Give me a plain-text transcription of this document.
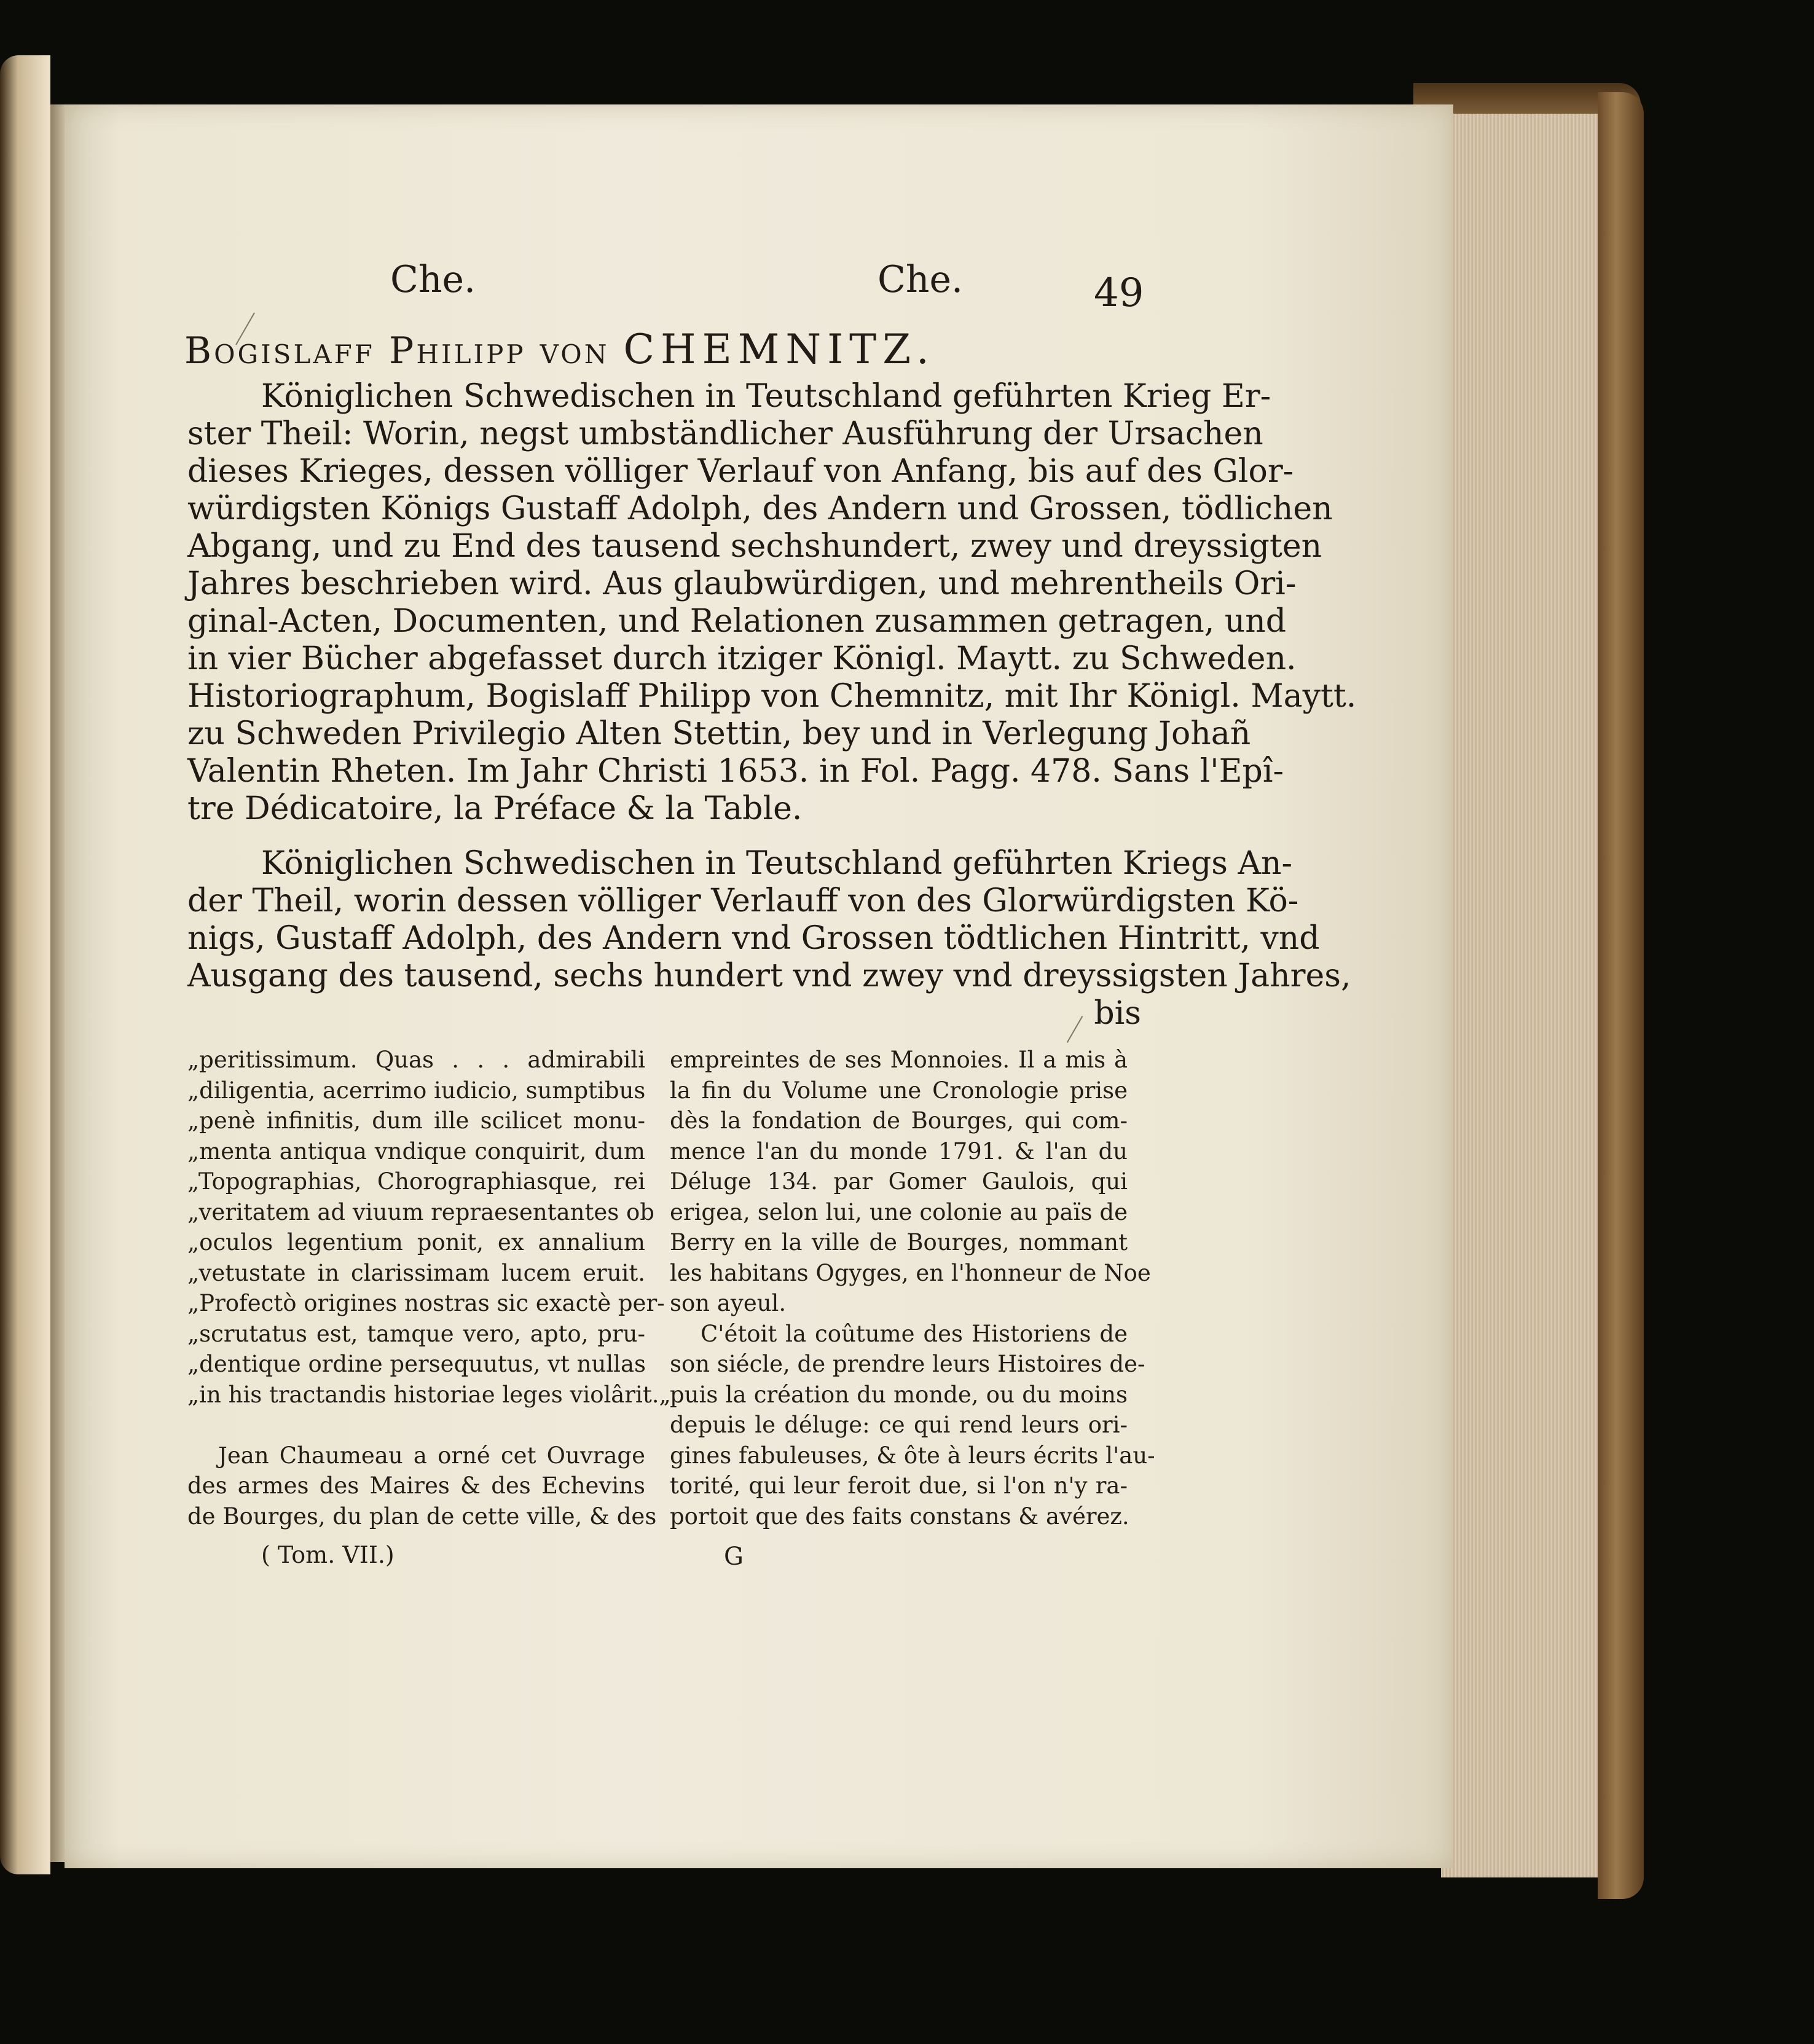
Che.	Che.	49
Bogislaff Philipp von CHEMNITZ.
Königlichen Schwedischen in Teutschland geführten Krieg Er-
ster Theil: Worin, negst umbständlicher Ausführung der Ursachen
dieses Krieges, dessen völliger Verlauf von Anfang, bis auf des Glor-
würdigsten Königs Gustaff Adolph, des Andern und Grossen, tödlichen
Abgang, und zu End des tausend sechshundert, zwey und dreyssigten
Jahres beschrieben wird. Aus glaubwürdigen, und mehrentheils Ori-
ginal-Acten, Documenten, und Relationen zusammen getragen, und
in vier Bücher abgefasset durch itziger Königl. Maytt. zu Schweden.
Historiographum, Bogislaff Philipp von Chemnitz, mit Ihr Königl. Maytt.
zu Schweden Privilegio Alten Stettin, bey und in Verlegung Johañ
Valentin Rheten. Im Jahr Christi 1653. in Fol. Pagg. 478. Sans l'Epî-
tre Dédicatoire, la Préface & la Table.
Königlichen Schwedischen in Teutschland geführten Kriegs An-
der Theil, worin dessen völliger Verlauff von des Glorwürdigsten Kö-
nigs, Gustaff Adolph, des Andern vnd Grossen tödtlichen Hintritt, vnd
Ausgang des tausend, sechs hundert vnd zwey vnd dreyssigsten Jahres,
bis
„peritissimum. Quas . . . admirabili
„diligentia, acerrimo iudicio, sumptibus
„penè infinitis, dum ille scilicet monu-
„menta antiqua vndique conquirit, dum
„Topographias, Chorographiasque, rei
„veritatem ad viuum repraesentantes ob
„oculos legentium ponit, ex annalium
„vetustate in clarissimam lucem eruit.
„Profectò origines nostras sic exactè per-
„scrutatus est, tamque vero, apto, pru-
„dentique ordine persequutus, vt nullas
„in his tractandis historiae leges violârit.„
Jean Chaumeau a orné cet Ouvrage
des armes des Maires & des Echevins
de Bourges, du plan de cette ville, & des
empreintes de ses Monnoies. Il a mis à
la fin du Volume une Cronologie prise
dès la fondation de Bourges, qui com-
mence l'an du monde 1791. & l'an du
Déluge 134. par Gomer Gaulois, qui
erigea, selon lui, une colonie au païs de
Berry en la ville de Bourges, nommant
les habitans Ogyges, en l'honneur de Noe
son ayeul.
C'étoit la coûtume des Historiens de
son siécle, de prendre leurs Histoires de-
puis la création du monde, ou du moins
depuis le déluge: ce qui rend leurs ori-
gines fabuleuses, & ôte à leurs écrits l'au-
torité, qui leur feroit due, si l'on n'y ra-
portoit que des faits constans & avérez.
( Tom. VII.)	G
